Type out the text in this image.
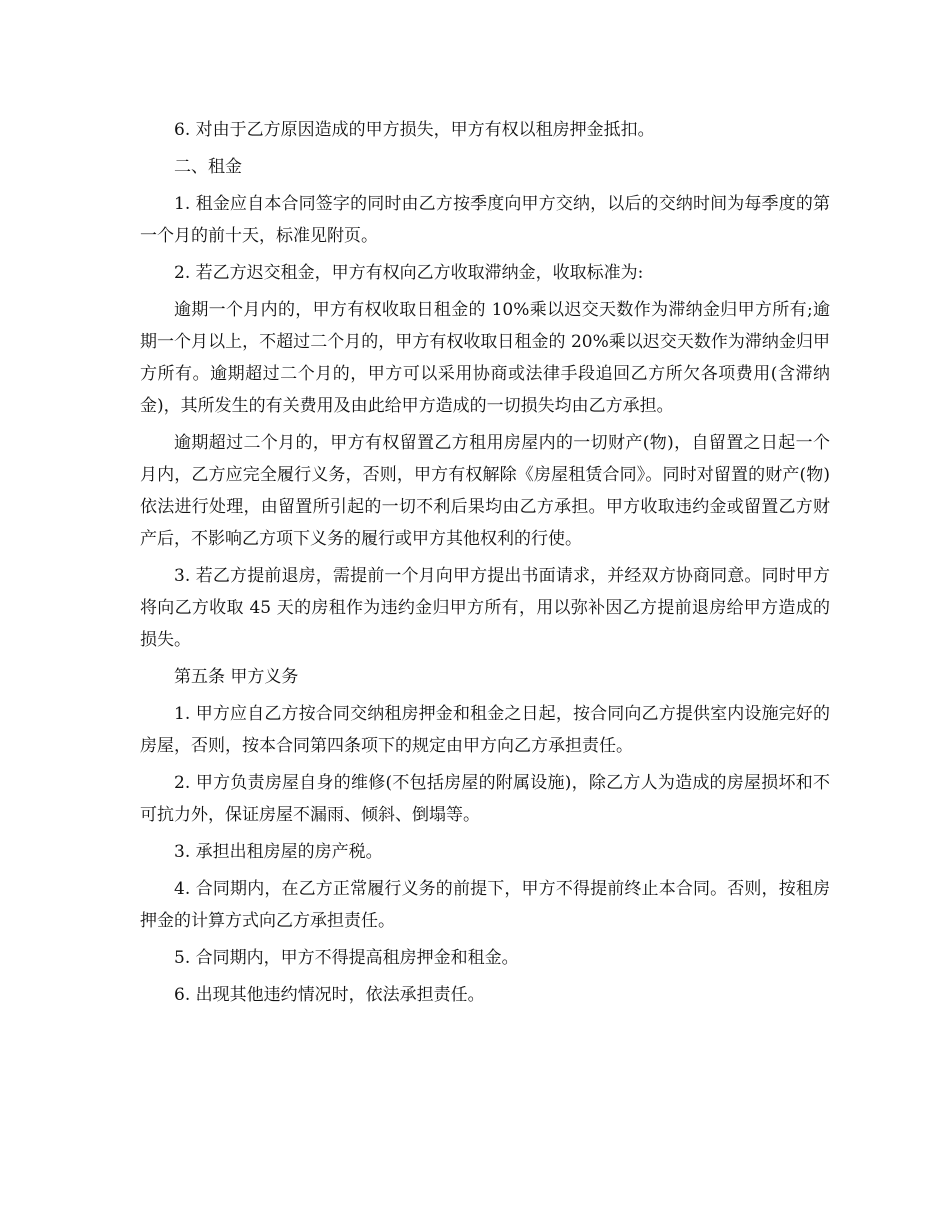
6. 对由于乙方原因造成的甲方损失，甲方有权以租房押金抵扣。

二、租金

1. 租金应自本合同签字的同时由乙方按季度向甲方交纳，以后的交纳时间为每季度的第一个月的前十天，标准见附页。

2. 若乙方迟交租金，甲方有权向乙方收取滞纳金，收取标准为:

逾期一个月内的，甲方有权收取日租金的 10%乘以迟交天数作为滞纳金归甲方所有;逾期一个月以上，不超过二个月的，甲方有权收取日租金的 20%乘以迟交天数作为滞纳金归甲方所有。逾期超过二个月的，甲方可以采用协商或法律手段追回乙方所欠各项费用(含滞纳金)，其所发生的有关费用及由此给甲方造成的一切损失均由乙方承担。

逾期超过二个月的，甲方有权留置乙方租用房屋内的一切财产(物)，自留置之日起一个月内，乙方应完全履行义务，否则，甲方有权解除《房屋租赁合同》。同时对留置的财产(物)依法进行处理，由留置所引起的一切不利后果均由乙方承担。甲方收取违约金或留置乙方财产后，不影响乙方项下义务的履行或甲方其他权利的行使。

3. 若乙方提前退房，需提前一个月向甲方提出书面请求，并经双方协商同意。同时甲方将向乙方收取 45 天的房租作为违约金归甲方所有，用以弥补因乙方提前退房给甲方造成的损失。

第五条 甲方义务

1. 甲方应自乙方按合同交纳租房押金和租金之日起，按合同向乙方提供室内设施完好的房屋，否则，按本合同第四条项下的规定由甲方向乙方承担责任。

2. 甲方负责房屋自身的维修(不包括房屋的附属设施)，除乙方人为造成的房屋损坏和不可抗力外，保证房屋不漏雨、倾斜、倒塌等。

3. 承担出租房屋的房产税。

4. 合同期内，在乙方正常履行义务的前提下，甲方不得提前终止本合同。否则，按租房押金的计算方式向乙方承担责任。

5. 合同期内，甲方不得提高租房押金和租金。

6. 出现其他违约情况时，依法承担责任。
